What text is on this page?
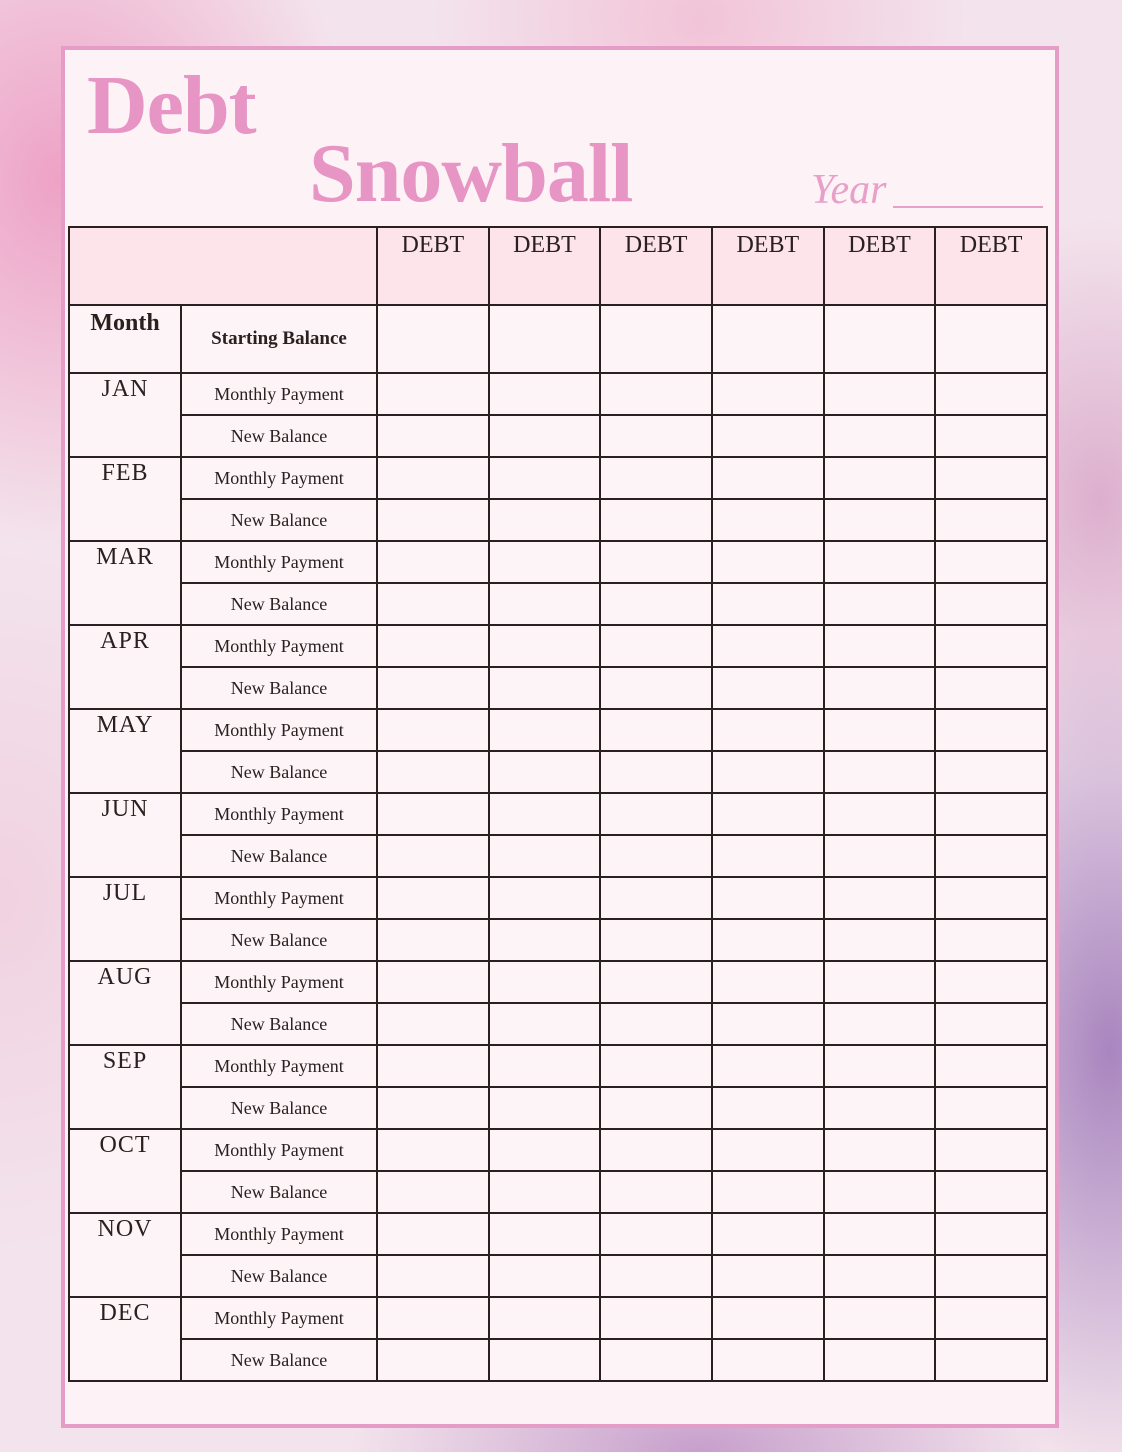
Debt
Snowball	Year
		DEBT	DEBT	DEBT	DEBT	DEBT	DEBT
Month	Starting Balance						
JAN	Monthly Payment						
	New Balance						
FEB	Monthly Payment						
	New Balance						
MAR	Monthly Payment						
	New Balance						
APR	Monthly Payment						
	New Balance						
MAY	Monthly Payment						
	New Balance						
JUN	Monthly Payment						
	New Balance						
JUL	Monthly Payment						
	New Balance						
AUG	Monthly Payment						
	New Balance						
SEP	Monthly Payment						
	New Balance						
OCT	Monthly Payment						
	New Balance						
NOV	Monthly Payment						
	New Balance						
DEC	Monthly Payment						
	New Balance						
